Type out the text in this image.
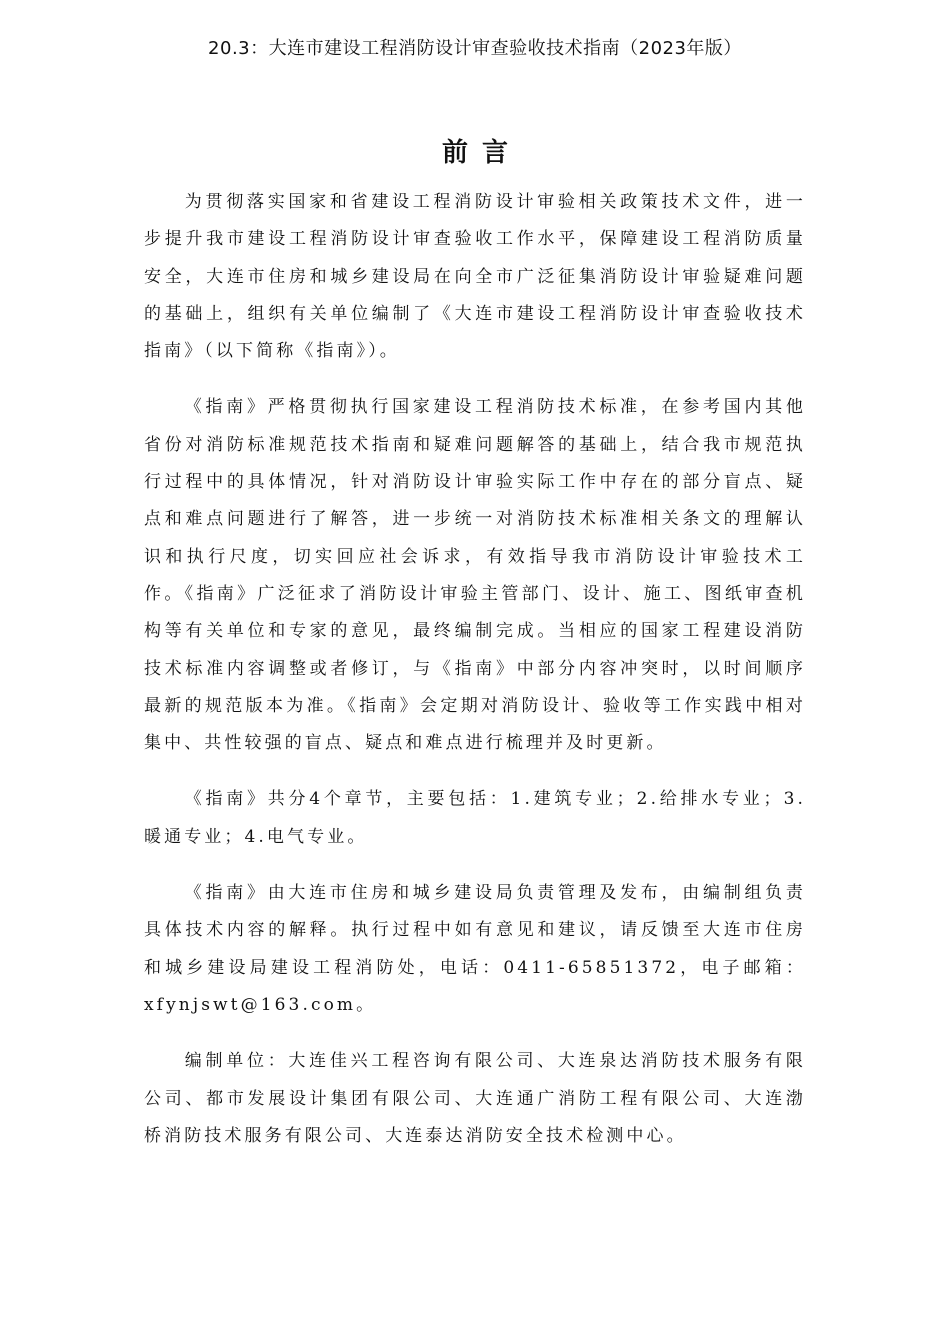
20.3：大连市建设工程消防设计审查验收技术指南（2023年版）
前言

为贯彻落实国家和省建设工程消防设计审验相关政策技术文件，进一步提升我市建设工程消防设计审查验收工作水平，保障建设工程消防质量安全，大连市住房和城乡建设局在向全市广泛征集消防设计审验疑难问题的基础上，组织有关单位编制了《大连市建设工程消防设计审查验收技术指南》（以下简称《指南》）。

《指南》严格贯彻执行国家建设工程消防技术标准，在参考国内其他省份对消防标准规范技术指南和疑难问题解答的基础上，结合我市规范执行过程中的具体情况，针对消防设计审验实际工作中存在的部分盲点、疑点和难点问题进行了解答，进一步统一对消防技术标准相关条文的理解认识和执行尺度，切实回应社会诉求，有效指导我市消防设计审验技术工作。《指南》广泛征求了消防设计审验主管部门、设计、施工、图纸审查机构等有关单位和专家的意见，最终编制完成。当相应的国家工程建设消防技术标准内容调整或者修订，与《指南》中部分内容冲突时，以时间顺序最新的规范版本为准。《指南》会定期对消防设计、验收等工作实践中相对集中、共性较强的盲点、疑点和难点进行梳理并及时更新。

《指南》共分4个章节，主要包括：1.建筑专业；2.给排水专业；3.暖通专业；4.电气专业。

《指南》由大连市住房和城乡建设局负责管理及发布，由编制组负责具体技术内容的解释。执行过程中如有意见和建议，请反馈至大连市住房和城乡建设局建设工程消防处，电话：0411-65851372，电子邮箱：xfynjswt@163.com。

编制单位：大连佳兴工程咨询有限公司、大连泉达消防技术服务有限公司、都市发展设计集团有限公司、大连通广消防工程有限公司、大连渤桥消防技术服务有限公司、大连泰达消防安全技术检测中心。
